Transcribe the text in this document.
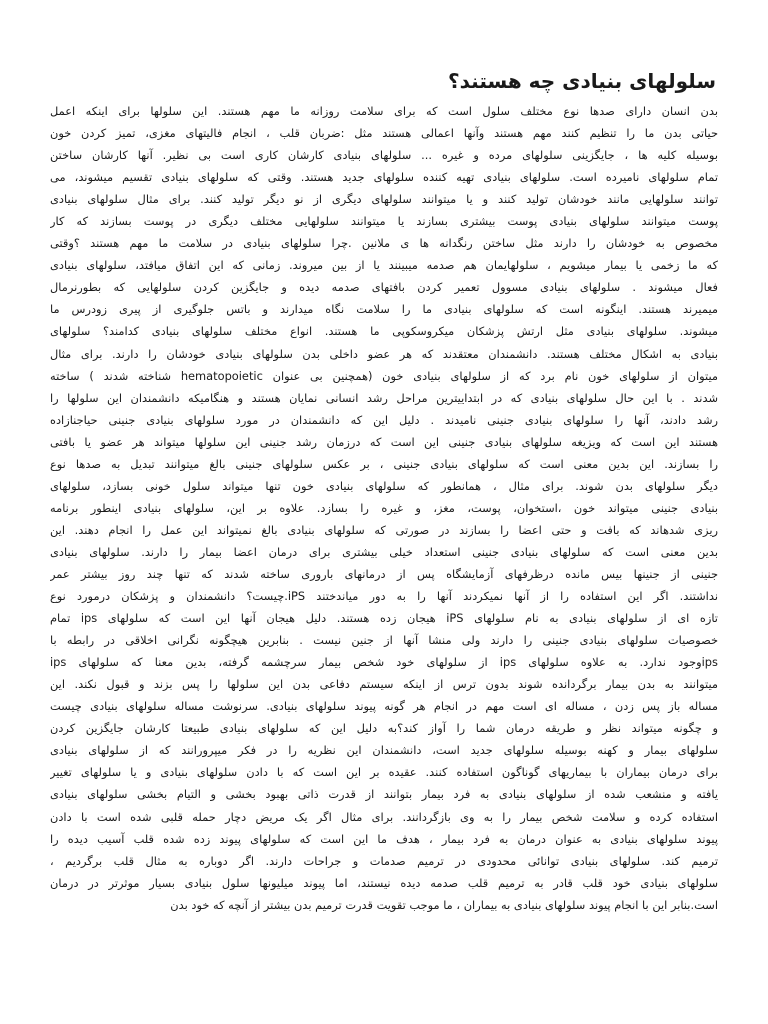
سلولهای بنیادی چه هستند؟
بدن انسان دارای صدها نوع مختلف سلول است که برای سلامت روزانه ما مهم هستند. این سلولها برای اینکه اعمل
حیاتی بدن ما را تنظیم کنند مهم هستند وآنها اعمالی هستند مثل :ضربان قلب ، انجام فالیتهای مغزی، تمیز کردن خون
بوسیله کلیه ها ، جایگزینی سلولهای مرده و غیره ... سلولهای بنیادی کارشان کاری است بی نظیر. آنها کارشان ساختن
تمام سلولهای نامیرده است. سلولهای بنیادی تهیه کننده سلولهای جدید هستند. وقتی که سلولهای بنیادی تقسیم میشوند، می
توانند سلولهایی مانند خودشان تولید کنند و یا میتوانند سلولهای دیگری از نو دیگر تولید کنند. برای مثال سلولهای بنیادی
پوست میتوانند سلولهای بنیادی پوست بیشتری بسازند یا میتوانند سلولهایی مختلف دیگری در پوست بسازند که کار
مخصوص به خودشان را دارند مثل ساختن رنگدانه ها ی ملانین .چرا سلولهای بنیادی در سلامت ما مهم هستند ؟وقتی
که ما زخمی یا بیمار میشویم ، سلولهایمان هم صدمه میبینند یا از بین میروند. زمانی که این اتفاق میافتد، سلولهای بنیادی
فعال میشوند . سلولهای بنیادی مسوول تعمیر کردن بافتهای صدمه دیده و جایگزین کردن سلولهایی که بطورنرمال
میمیرند هستند. اینگونه است که سلولهای بنیادی ما را سلامت نگاه میدارند و باتس جلوگیری از پیری زودرس ما
میشوند. سلولهای بنیادی مثل ارتش پزشکان میکروسکوپی ما هستند. انواع مختلف سلولهای بنیادی کدامند؟ سلولهای
بنیادی به اشکال مختلف هستند. دانشمندان معتقدند که هر عضو داخلی بدن سلولهای بنیادی خودشان را دارند. برای مثال
میتوان از سلولهای خون نام برد که از سلولهای بنیادی خون (همچنین بی عنوان hematopoietic شناخته شدند ) ساخته
شدند . با این حال سلولهای بنیادی که در ابتداییترین مراحل رشد انسانی نمایان هستند و هنگامیکه دانشمندان این سلولها را
رشد دادند، آنها را سلولهای بنیادی جنینی نامیدند . دلیل این که دانشمندان در مورد سلولهای بنیادی جنینی حیاجنازاده
هستند این است که ویزیغه سلولهای بنیادی جنینی این است که درزمان رشد جنینی این سلولها میتواند هر عضو یا بافتی
را بسازند. این بدین معنی است که سلولهای بنیادی جنینی ، بر عکس سلولهای جنینی بالغ میتوانند تبدیل به صدها نوع
دیگر سلولهای بدن شوند. برای مثال ، همانطور که سلولهای بنیادی خون تنها میتواند سلول خونی بسازد، سلولهای
بنیادی جنینی میتواند خون ،استخوان، پوست، مغز، و غیره را بسازد. علاوه بر این، سلولهای بنیادی اینطور برنامه
ریزی شدهاند که بافت و حتی اعضا را بسازند در صورتی که سلولهای بنیادی بالغ نمیتواند این عمل را انجام دهند. این
بدین معنی است که سلولهای بنیادی جنینی استعداد خیلی بیشتری برای درمان اعضا بیمار را دارند. سلولهای بنیادی
جنینی از جنینها بیس مانده درظرفهای آزمایشگاه پس از درمانهای باروری ساخته شدند که تنها چند روز بیشتر عمر
نداشتند. اگر این استفاده را از آنها نمیکردند آنها را به دور میاندختند iPS.چیست؟ دانشمندان و پزشکان درمورد نوع
تازه ای از سلولهای بنیادی به نام سلولهای iPS هیجان زده هستند. دلیل هیجان آنها این است که سلولهای ips تمام
خصوصیات سلولهای بنیادی جنینی را دارند ولی منشا آنها از جنین نیست . بنابرین هیچگونه نگرانی اخلاقی در رابطه با
ipsوجود ندارد. به علاوه سلولهای ips از سلولهای خود شخص بیمار سرچشمه گرفته، بدین معنا که سلولهای ips
میتوانند به بدن بیمار برگردانده شوند بدون ترس از اینکه سیستم دفاعی بدن این سلولها را پس بزند و قبول نکند. این
مساله باز پس زدن ، مساله ای است مهم در انجام هر گونه پیوند سلولهای بنیادی. سرنوشت مساله سلولهای بنیادی چیست
و چگونه میتواند نظر و طریقه درمان شما را آواز کند؟به دلیل این که سلولهای بنیادی طبیعتا کارشان جایگزین کردن
سلولهای بیمار و کهنه بوسیله سلولهای جدید است، دانشمندان این نظریه را در فکر میپرورانند که از سلولهای بنیادی
برای درمان بیماران با بیماریهای گوناگون استفاده کنند. عقیده بر این است که با دادن سلولهای بنیادی و یا سلولهای تغییر
یافته و منشعب شده از سلولهای بنیادی به فرد بیمار بتوانند از قدرت ذاتی بهبود بخشی و التیام بخشی سلولهای بنیادی
استفاده کرده و سلامت شخص بیمار را به وی بازگردانند. برای مثال اگر یک مریض دچار حمله قلبی شده است با دادن
پیوند سلولهای بنیادی به عنوان درمان به فرد بیمار ، هدف ما این است که سلولهای پیوند زده شده قلب آسیب دیده را
ترمیم کند. سلولهای بنیادی توانائی محدودی در ترمیم صدمات و جراحات دارند. اگر دوباره به مثال قلب برگردیم ،
سلولهای بنیادی خود قلب قادر به ترمیم قلب صدمه دیده نیستند، اما پیوند میلیونها سلول بنیادی بسیار موثرتر در درمان
است.بنابر این با انجام پیوند سلولهای بنیادی به بیماران ، ما موجب تقویت قدرت ترمیم بدن بیشتر از آنچه که خود بدن
